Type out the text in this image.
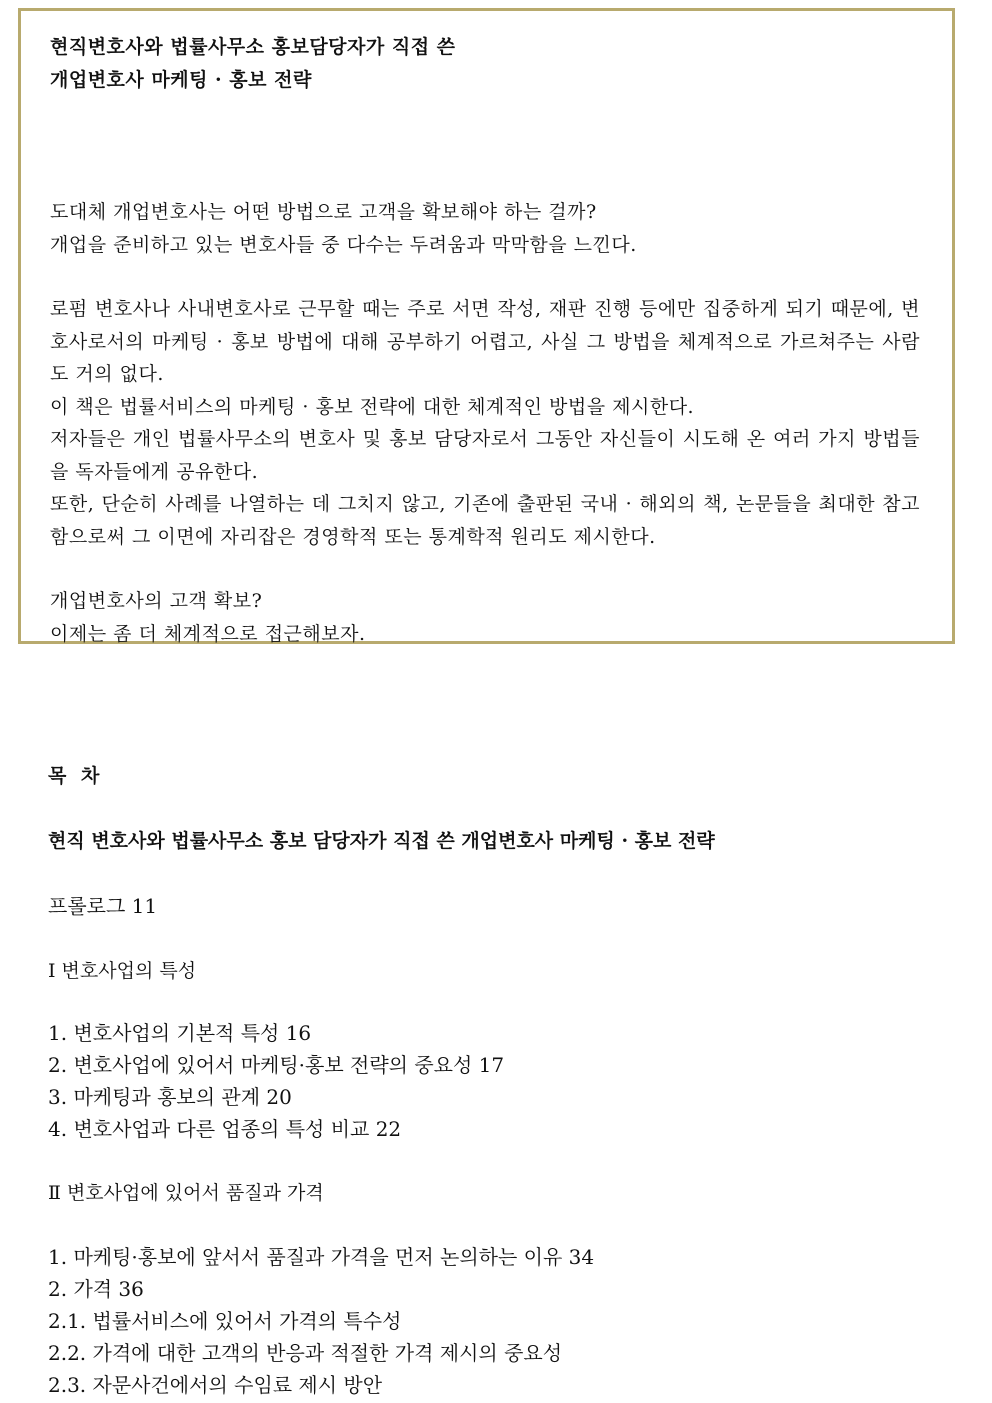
현직변호사와 법률사무소 홍보담당자가 직접 쓴

개업변호사 마케팅 · 홍보 전략

도대체 개업변호사는 어떤 방법으로 고객을 확보해야 하는 걸까?

개업을 준비하고 있는 변호사들 중 다수는 두려움과 막막함을 느낀다.

로펌 변호사나 사내변호사로 근무할 때는 주로 서면 작성, 재판 진행 등에만 집중하게 되기 때문에, 변호사로서의 마케팅 · 홍보 방법에 대해 공부하기 어렵고, 사실 그 방법을 체계적으로 가르쳐주는 사람도 거의 없다.

이 책은 법률서비스의 마케팅 · 홍보 전략에 대한 체계적인 방법을 제시한다.

저자들은 개인 법률사무소의 변호사 및 홍보 담당자로서 그동안 자신들이 시도해 온 여러 가지 방법들을 독자들에게 공유한다.

또한, 단순히 사례를 나열하는 데 그치지 않고, 기존에 출판된 국내 · 해외의 책, 논문들을 최대한 참고함으로써 그 이면에 자리잡은 경영학적 또는 통계학적 원리도 제시한다.

개업변호사의 고객 확보?

이제는 좀 더 체계적으로 접근해보자.

목 차

현직 변호사와 법률사무소 홍보 담당자가 직접 쓴 개업변호사 마케팅 · 홍보 전략

프롤로그 11

Ⅰ 변호사업의 특성

1. 변호사업의 기본적 특성 16
2. 변호사업에 있어서 마케팅·홍보 전략의 중요성 17
3. 마케팅과 홍보의 관계 20
4. 변호사업과 다른 업종의 특성 비교 22

Ⅱ 변호사업에 있어서 품질과 가격

1. 마케팅·홍보에 앞서서 품질과 가격을 먼저 논의하는 이유 34
2. 가격 36
2.1. 법률서비스에 있어서 가격의 특수성
2.2. 가격에 대한 고객의 반응과 적절한 가격 제시의 중요성
2.3. 자문사건에서의 수임료 제시 방안
